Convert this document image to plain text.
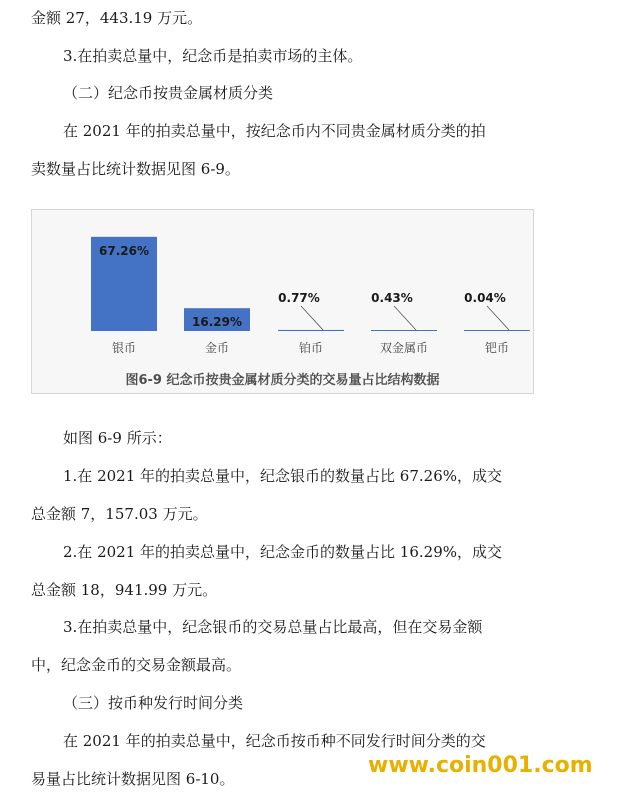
金额 27，443.19 万元。
3.在拍卖总量中，纪念币是拍卖市场的主体。
（二）纪念币按贵金属材质分类
在 2021 年的拍卖总量中，按纪念币内不同贵金属材质分类的拍
卖数量占比统计数据见图 6-9。
如图 6-9 所示：
1.在 2021 年的拍卖总量中，纪念银币的数量占比 67.26%，成交
总金额 7，157.03 万元。
2.在 2021 年的拍卖总量中，纪念金币的数量占比 16.29%，成交
总金额 18，941.99 万元。
3.在拍卖总量中，纪念银币的交易总量占比最高，但在交易金额
中，纪念金币的交易金额最高。
（三）按币种发行时间分类
在 2021 年的拍卖总量中，纪念币按币种不同发行时间分类的交
易量占比统计数据见图 6-10。
67.26%
银币
16.29%
金币
0.77%
铂币
0.43%
双金属币
0.04%
钯币
图6-9 纪念币按贵金属材质分类的交易量占比结构数据
www.coin001.com
